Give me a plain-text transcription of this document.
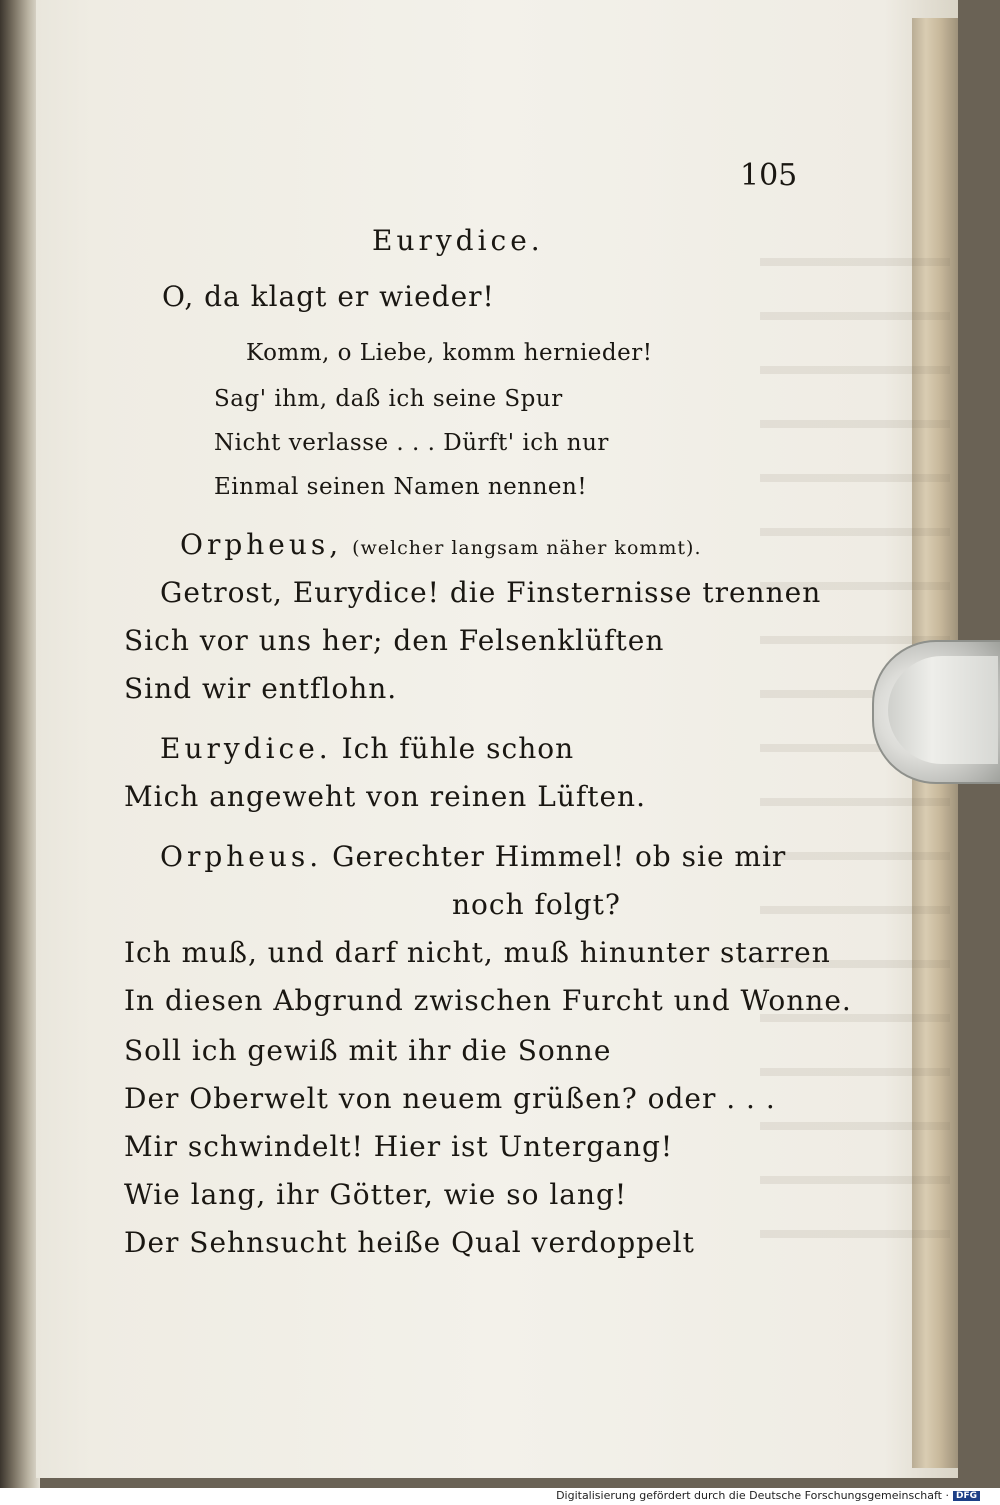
105
Eurydice.
O, da klagt er wieder!
Komm, o Liebe, komm hernieder!
Sag' ihm, daß ich seine Spur
Nicht verlasse . . . Dürft' ich nur
Einmal seinen Namen nennen!
Orpheus, (welcher langsam näher kommt).
Getrost, Eurydice! die Finsternisse trennen
Sich vor uns her; den Felsenklüften
Sind wir entflohn.
Eurydice. Ich fühle schon
Mich angeweht von reinen Lüften.
Orpheus. Gerechter Himmel! ob sie mir
noch folgt?
Ich muß, und darf nicht, muß hinunter starren
In diesen Abgrund zwischen Furcht und Wonne.
Soll ich gewiß mit ihr die Sonne
Der Oberwelt von neuem grüßen? oder . . .
Mir schwindelt! Hier ist Untergang!
Wie lang, ihr Götter, wie so lang!
Der Sehnsucht heiße Qual verdoppelt
Digitalisierung gefördert durch die Deutsche Forschungsgemeinschaft · DFG
